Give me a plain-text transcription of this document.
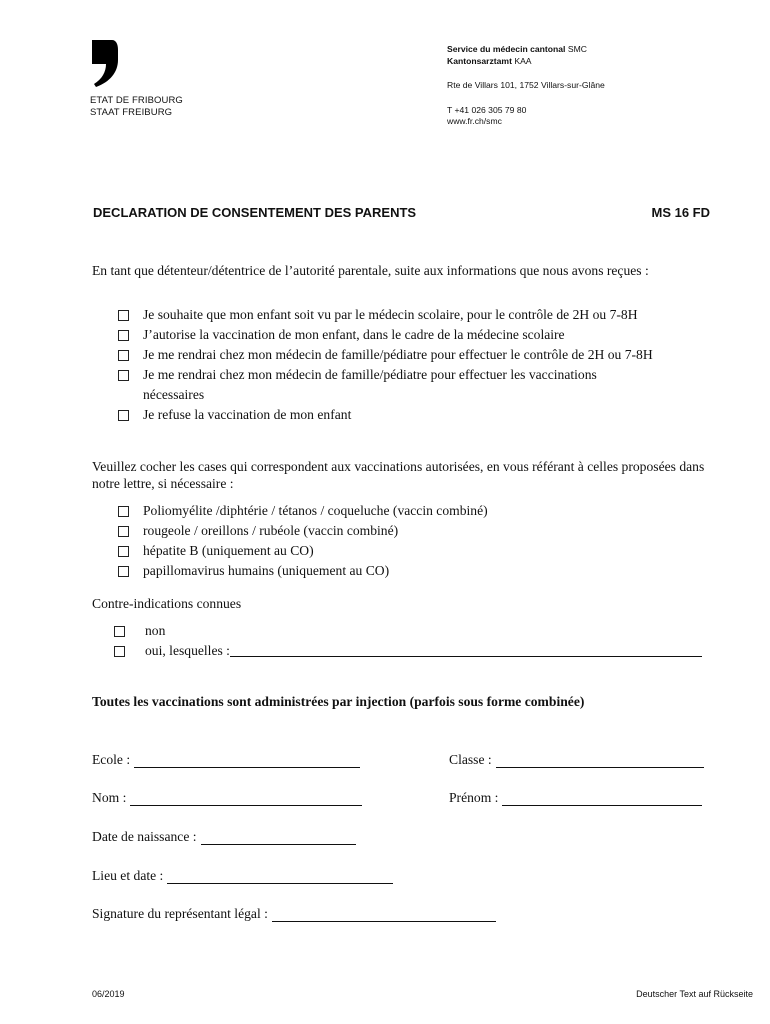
ETAT DE FRIBOURG
STAAT FREIBURG
Service du médecin cantonal SMC
Kantonsarztamt KAA
Rte de Villars 101, 1752 Villars-sur-Glâne
T +41 026 305 79 80
www.fr.ch/smc
DECLARATION DE CONSENTEMENT DES PARENTS	MS 16 FD
En tant que détenteur/détentrice de l’autorité parentale, suite aux informations que nous avons reçues :
Je souhaite que mon enfant soit vu par le médecin scolaire, pour le contrôle de 2H ou 7-8H
J’autorise la vaccination de mon enfant, dans le cadre de la médecine scolaire
Je me rendrai chez mon médecin de famille/pédiatre pour effectuer le contrôle de 2H ou 7-8H
Je me rendrai chez mon médecin de famille/pédiatre pour effectuer les vaccinations nécessaires
Je refuse la vaccination de mon enfant
Veuillez cocher les cases qui correspondent aux vaccinations autorisées, en vous référant à celles proposées dans notre lettre, si nécessaire :
Poliomyélite /diphtérie / tétanos / coqueluche (vaccin combiné)
rougeole / oreillons / rubéole (vaccin combiné)
hépatite B (uniquement au CO)
papillomavirus humains (uniquement au CO)
Contre-indications connues
non
oui, lesquelles :
Toutes les vaccinations sont administrées par injection (parfois sous forme combinée)
Ecole :	Classe :
Nom :	Prénom :
Date de naissance :
Lieu et date :
Signature du représentant légal :
06/2019	Deutscher Text auf Rückseite
